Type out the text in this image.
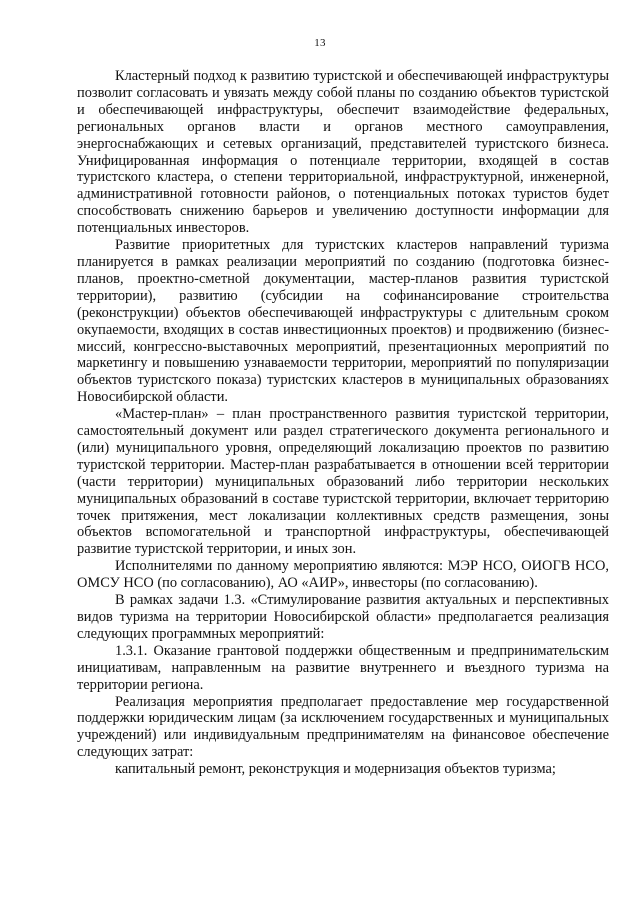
13

Кластерный подход к развитию туристской и обеспечивающей инфраструктуры позволит согласовать и увязать между собой планы по созданию объектов туристской и обеспечивающей инфраструктуры, обеспечит взаимодействие федеральных, региональных органов власти и органов местного самоуправления, энергоснабжающих и сетевых организаций, представителей туристского бизнеса. Унифицированная информация о потенциале территории, входящей в состав туристского кластера, о степени территориальной, инфраструктурной, инженерной, административной готовности районов, о потенциальных потоках туристов будет способствовать снижению барьеров и увеличению доступности информации для потенциальных инвесторов.

Развитие приоритетных для туристских кластеров направлений туризма планируется в рамках реализации мероприятий по созданию (подготовка бизнес-планов, проектно-сметной документации, мастер-планов развития туристской территории), развитию (субсидии на софинансирование строительства (реконструкции) объектов обеспечивающей инфраструктуры с длительным сроком окупаемости, входящих в состав инвестиционных проектов) и продвижению (бизнес-миссий, конгрессно-выставочных мероприятий, презентационных мероприятий по маркетингу и повышению узнаваемости территории, мероприятий по популяризации объектов туристского показа) туристских кластеров в муниципальных образованиях Новосибирской области.

«Мастер-план» – план пространственного развития туристской территории, самостоятельный документ или раздел стратегического документа регионального и (или) муниципального уровня, определяющий локализацию проектов по развитию туристской территории. Мастер-план разрабатывается в отношении всей территории (части территории) муниципальных образований либо территории нескольких муниципальных образований в составе туристской территории, включает территорию точек притяжения, мест локализации коллективных средств размещения, зоны объектов вспомогательной и транспортной инфраструктуры, обеспечивающей развитие туристской территории, и иных зон.

Исполнителями по данному мероприятию являются: МЭР НСО, ОИОГВ НСО, ОМСУ НСО (по согласованию), АО «АИР», инвесторы (по согласованию).

В рамках задачи 1.3. «Стимулирование развития актуальных и перспективных видов туризма на территории Новосибирской области» предполагается реализация следующих программных мероприятий:

1.3.1. Оказание грантовой поддержки общественным и предпринимательским инициативам, направленным на развитие внутреннего и въездного туризма на территории региона.

Реализация мероприятия предполагает предоставление мер государственной поддержки юридическим лицам (за исключением государственных и муниципальных учреждений) или индивидуальным предпринимателям на финансовое обеспечение следующих затрат:

капитальный ремонт, реконструкция и модернизация объектов туризма;
